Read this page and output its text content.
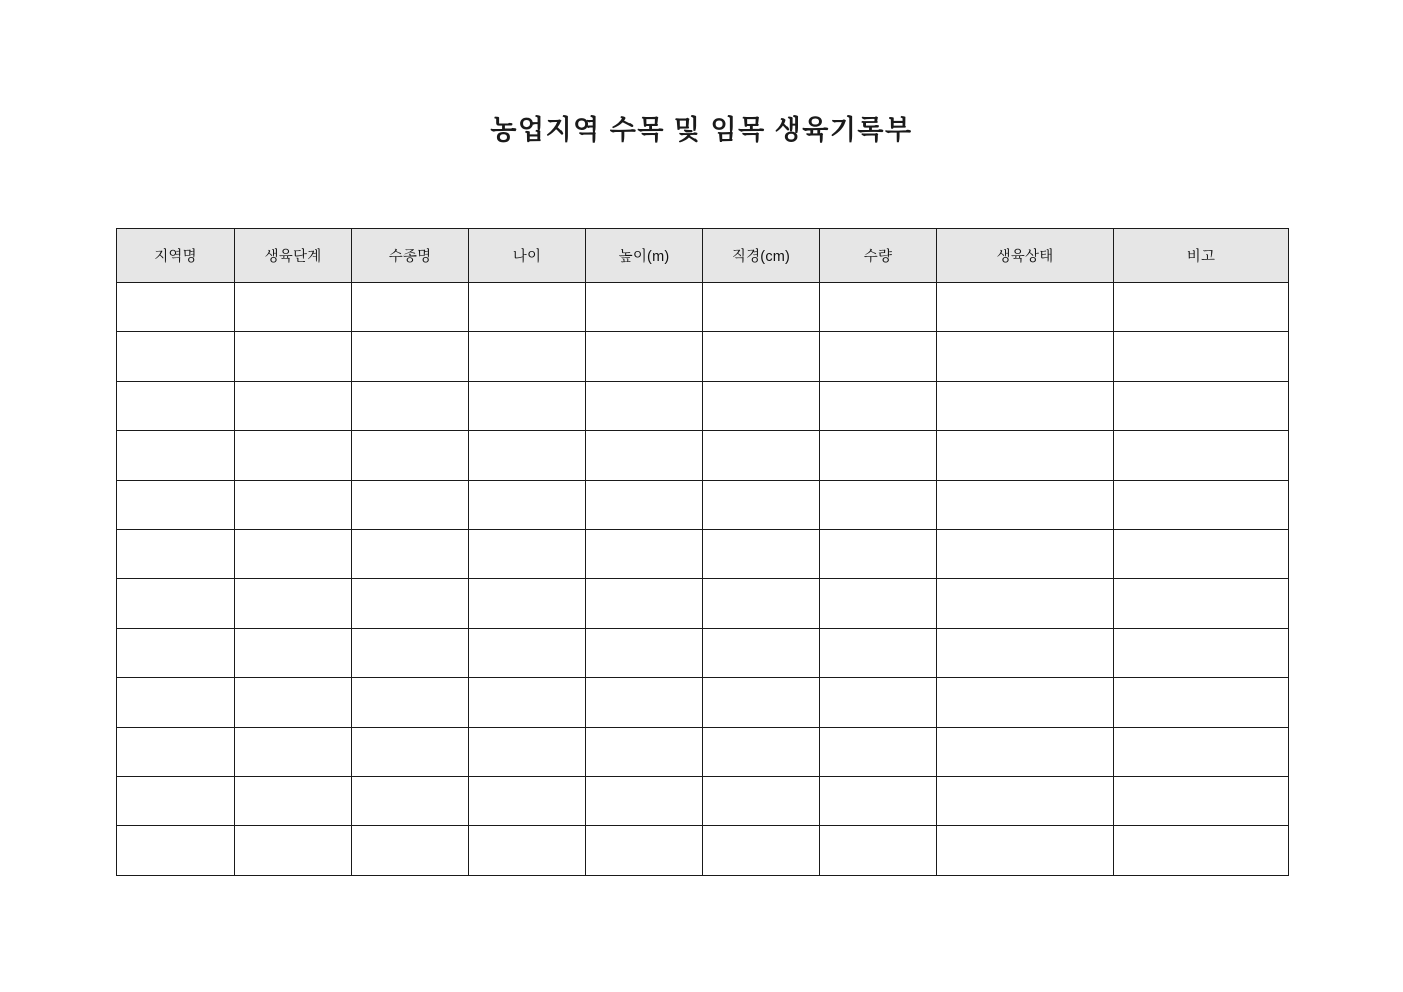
농업지역 수목 및 임목 생육기록부
지역명	생육단계	수종명	나이	높이(m)	직경(cm)	수량	생육상태	비고
